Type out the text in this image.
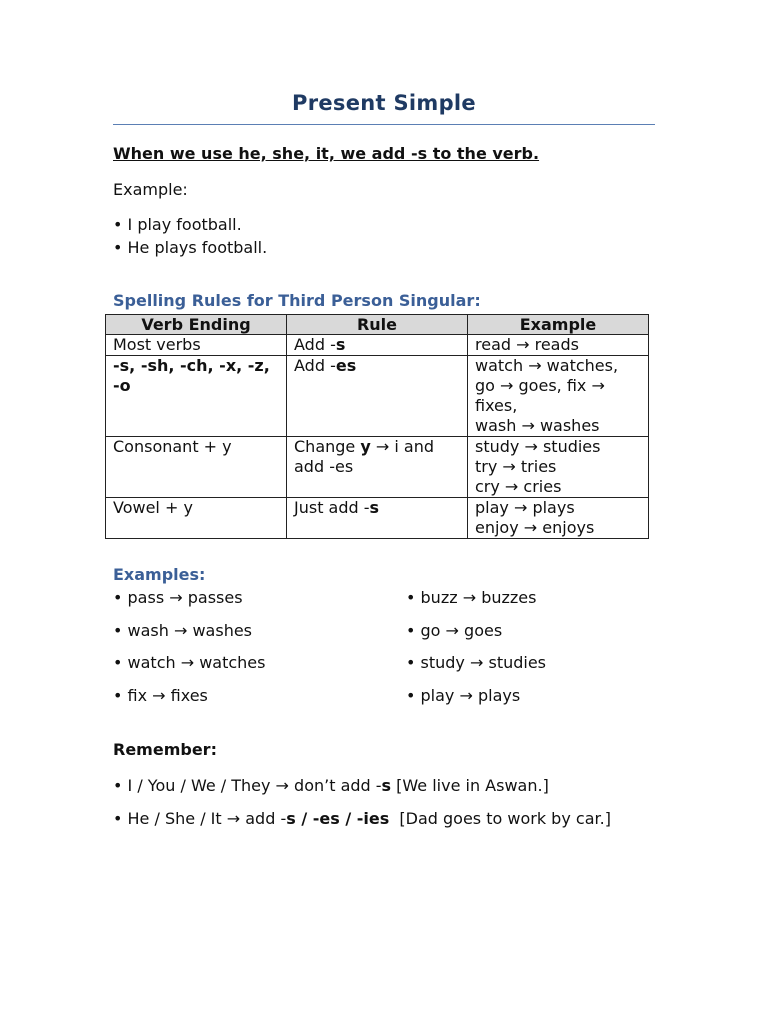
Present Simple
When we use he, she, it, we add -s to the verb.
Example:
• I play football.
• He plays football.
Spelling Rules for Third Person Singular:
Verb Ending	Rule	Example
Most verbs	Add -s	read → reads

-s, -sh, -ch, -x, -z, -o	Add -es	watch → watches,
go → goes, fix →
fixes,
wash → washes

Consonant + y	Change y → i and add -es	study → studies
try → tries
cry → cries

Vowel + y	Just add -s	play → plays
enjoy → enjoys
Examples:
• pass → passes
• wash → washes
• watch → watches
• fix → fixes
• buzz → buzzes
• go → goes
• study → studies
• play → plays
Remember:
• I / You / We / They → don’t add -s [We live in Aswan.]
• He / She / It → add -s / -es / -ies  [Dad goes to work by car.]
